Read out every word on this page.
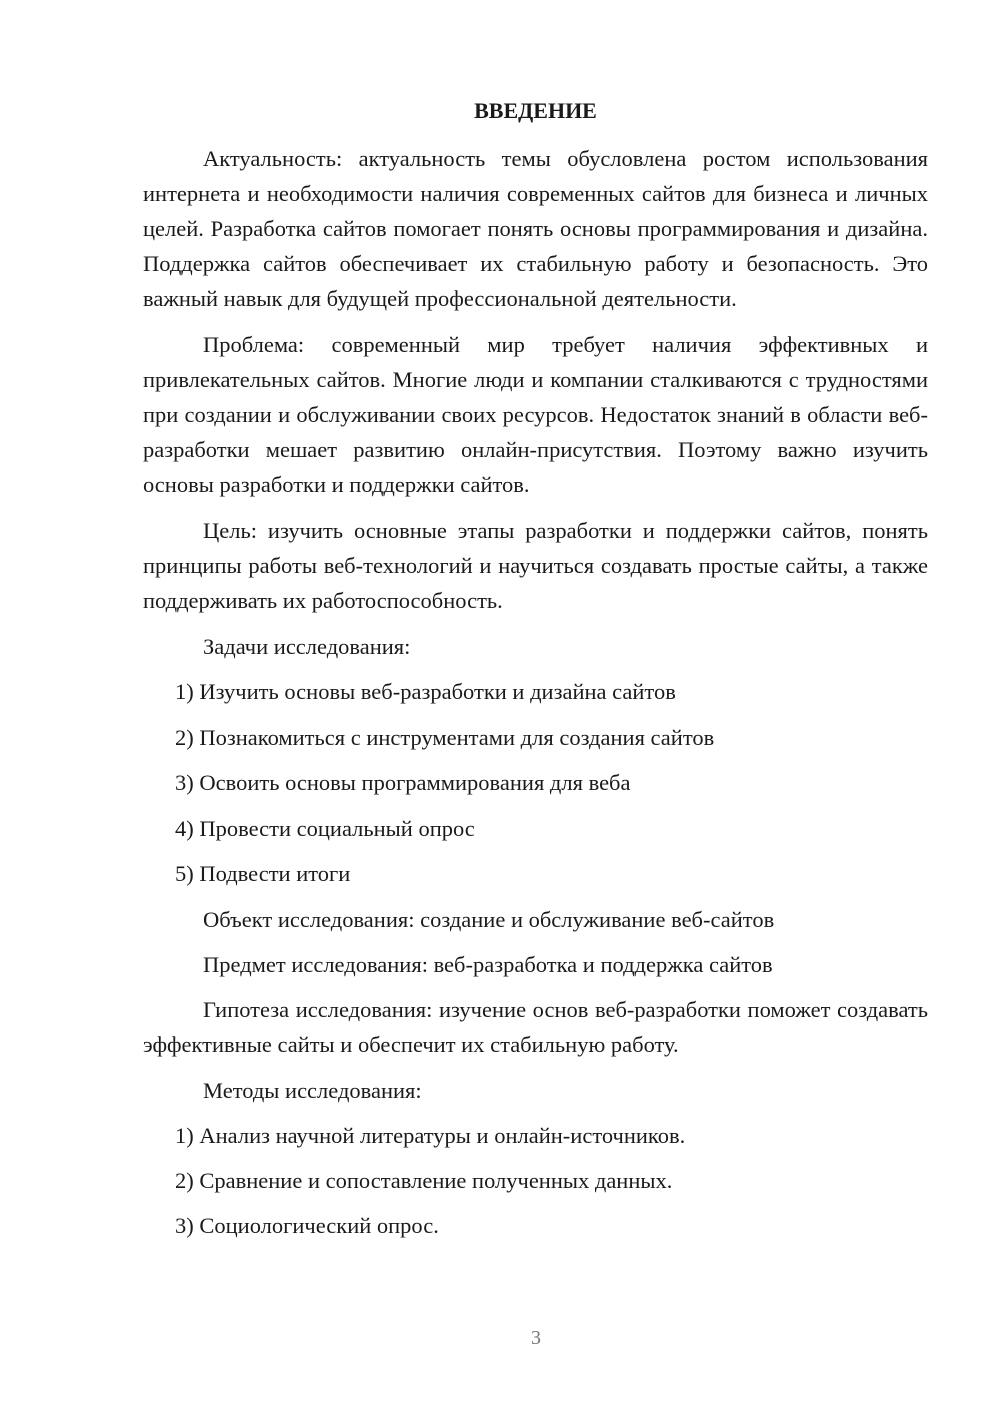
ВВЕДЕНИЕ

Актуальность: актуальность темы обусловлена ростом использования интернета и необходимости наличия современных сайтов для бизнеса и личных целей. Разработка сайтов помогает понять основы программирования и дизайна. Поддержка сайтов обеспечивает их стабильную работу и безопасность. Это важный навык для будущей профессиональной деятельности.

Проблема: современный мир требует наличия эффективных и привлекательных сайтов. Многие люди и компании сталкиваются с трудностями при создании и обслуживании своих ресурсов. Недостаток знаний в области веб-разработки мешает развитию онлайн-присутствия. Поэтому важно изучить основы разработки и поддержки сайтов.

Цель: изучить основные этапы разработки и поддержки сайтов, понять принципы работы веб-технологий и научиться создавать простые сайты, а также поддерживать их работоспособность.

Задачи исследования:
1) Изучить основы веб-разработки и дизайна сайтов
2) Познакомиться с инструментами для создания сайтов
3) Освоить основы программирования для веба
4) Провести социальный опрос
5) Подвести итоги
Объект исследования: создание и обслуживание веб-сайтов
Предмет исследования: веб-разработка и поддержка сайтов

Гипотеза исследования: изучение основ веб-разработки поможет создавать эффективные сайты и обеспечит их стабильную работу.

Методы исследования:
1) Анализ научной литературы и онлайн-источников.
2) Сравнение и сопоставление полученных данных.
3) Социологический опрос.
3
